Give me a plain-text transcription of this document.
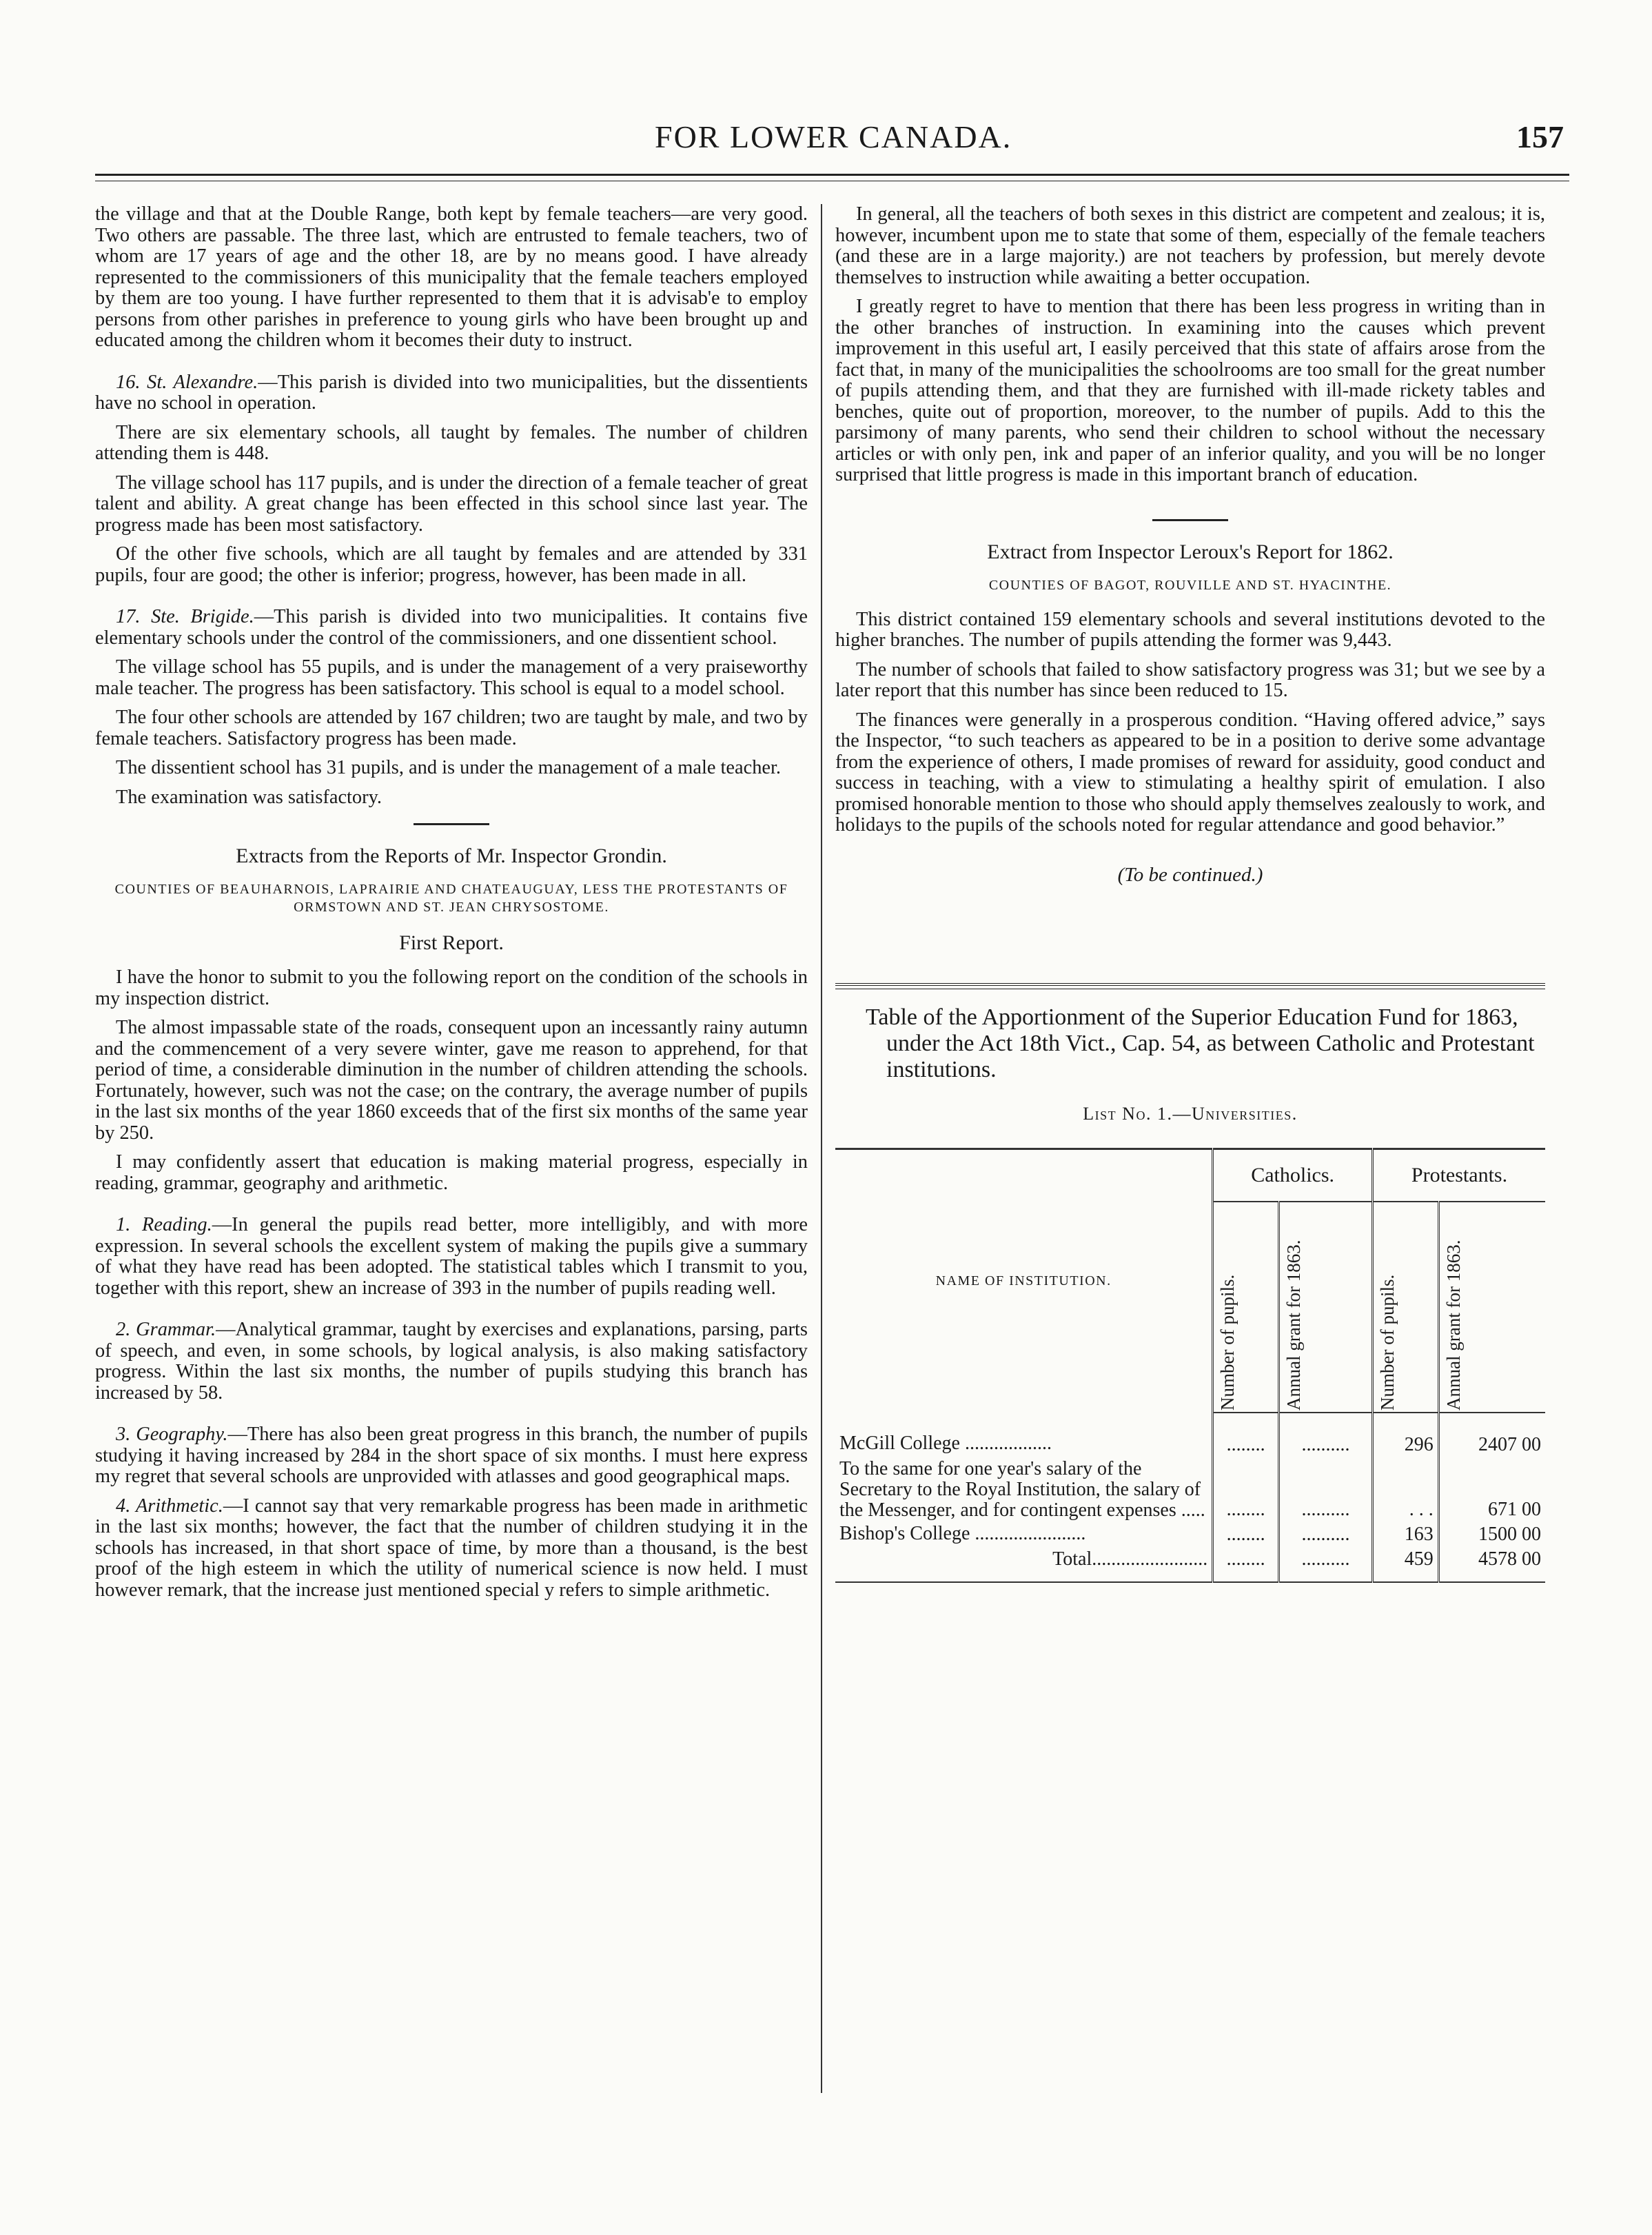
FOR LOWER CANADA.	157

the village and that at the Double Range, both kept by female teachers—are very good. Two others are passable. The three last, which are entrusted to female teachers, two of whom are 17 years of age and the other 18, are by no means good. I have already represented to the commissioners of this municipality that the female teachers employed by them are too young. I have further represented to them that it is advisab'e to employ persons from other parishes in preference to young girls who have been brought up and educated among the children whom it becomes their duty to instruct.

16. St. Alexandre.—This parish is divided into two municipalities, but the dissentients have no school in operation.

There are six elementary schools, all taught by females. The number of children attending them is 448.

The village school has 117 pupils, and is under the direction of a female teacher of great talent and ability. A great change has been effected in this school since last year. The progress made has been most satisfactory.

Of the other five schools, which are all taught by females and are attended by 331 pupils, four are good; the other is inferior; progress, however, has been made in all.

17. Ste. Brigide.—This parish is divided into two municipalities. It contains five elementary schools under the control of the commissioners, and one dissentient school.

The village school has 55 pupils, and is under the management of a very praiseworthy male teacher. The progress has been satisfactory. This school is equal to a model school.

The four other schools are attended by 167 children; two are taught by male, and two by female teachers. Satisfactory progress has been made.

The dissentient school has 31 pupils, and is under the management of a male teacher.

The examination was satisfactory.

Extracts from the Reports of Mr. Inspector Grondin.
COUNTIES OF BEAUHARNOIS, LAPRAIRIE AND CHATEAUGUAY, LESS THE PROTESTANTS OF ORMSTOWN AND ST. JEAN CHRYSOSTOME.
First Report.

I have the honor to submit to you the following report on the condition of the schools in my inspection district.

The almost impassable state of the roads, consequent upon an incessantly rainy autumn and the commencement of a very severe winter, gave me reason to apprehend, for that period of time, a considerable diminution in the number of children attending the schools. Fortunately, however, such was not the case; on the contrary, the average number of pupils in the last six months of the year 1860 exceeds that of the first six months of the same year by 250.

I may confidently assert that education is making material progress, especially in reading, grammar, geography and arithmetic.

1. Reading.—In general the pupils read better, more intelligibly, and with more expression. In several schools the excellent system of making the pupils give a summary of what they have read has been adopted. The statistical tables which I transmit to you, together with this report, shew an increase of 393 in the number of pupils reading well.

2. Grammar.—Analytical grammar, taught by exercises and explanations, parsing, parts of speech, and even, in some schools, by logical analysis, is also making satisfactory progress. Within the last six months, the number of pupils studying this branch has increased by 58.

3. Geography.—There has also been great progress in this branch, the number of pupils studying it having increased by 284 in the short space of six months. I must here express my regret that several schools are unprovided with atlasses and good geographical maps.

4. Arithmetic.—I cannot say that very remarkable progress has been made in arithmetic in the last six months; however, the fact that the number of children studying it in the schools has increased, in that short space of time, by more than a thousand, is the best proof of the high esteem in which the utility of numerical science is now held. I must however remark, that the increase just mentioned special y refers to simple arithmetic.

In general, all the teachers of both sexes in this district are competent and zealous; it is, however, incumbent upon me to state that some of them, especially of the female teachers (and these are in a large majority.) are not teachers by profession, but merely devote themselves to instruction while awaiting a better occupation.

I greatly regret to have to mention that there has been less progress in writing than in the other branches of instruction. In examining into the causes which prevent improvement in this useful art, I easily perceived that this state of affairs arose from the fact that, in many of the municipalities the schoolrooms are too small for the great number of pupils attending them, and that they are furnished with ill-made rickety tables and benches, quite out of proportion, moreover, to the number of pupils. Add to this the parsimony of many parents, who send their children to school without the necessary articles or with only pen, ink and paper of an inferior quality, and you will be no longer surprised that little progress is made in this important branch of education.

Extract from Inspector Leroux's Report for 1862.
COUNTIES OF BAGOT, ROUVILLE AND ST. HYACINTHE.

This district contained 159 elementary schools and several institutions devoted to the higher branches. The number of pupils attending the former was 9,443.

The number of schools that failed to show satisfactory progress was 31; but we see by a later report that this number has since been reduced to 15.

The finances were generally in a prosperous condition. “Having offered advice,” says the Inspector, “to such teachers as appeared to be in a position to derive some advantage from the experience of others, I made promises of reward for assiduity, good conduct and success in teaching, with a view to stimulating a healthy spirit of emulation. I also promised honorable mention to those who should apply themselves zealously to work, and holidays to the pupils of the schools noted for regular attendance and good behavior.”

(To be continued.)
Table of the Apportionment of the Superior Education Fund for 1863, under the Act 18th Vict., Cap. 54, as between Catholic and Protestant institutions.
List No. 1.—Universities.
NAME OF INSTITUTION.	Catholics.		Protestants.	

	Number of pupils.	Annual grant for 1863.	Number of pupils.	Annual grant for 1863.

McGill College ..................	........	..........	296	2407 00
To the same for one year's salary of the Secretary to the Royal Institution, the salary of the Messenger, and for contingent expenses .....	........	..........	. . .	671 00
Bishop's College .......................	........	..........	163	1500 00
Total........................	........	..........	459	4578 00
